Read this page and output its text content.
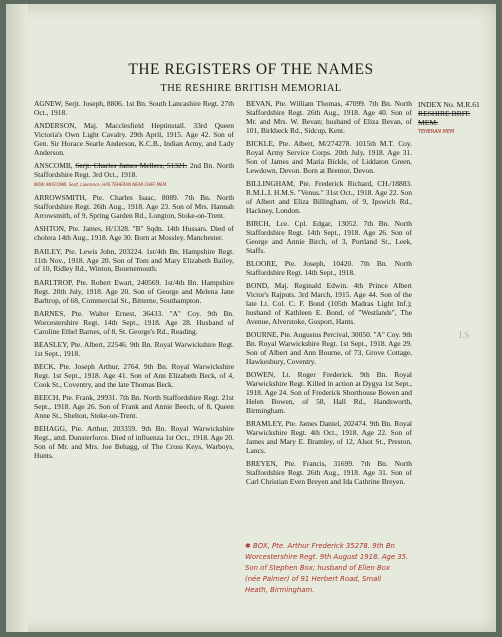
THE REGISTERS OF THE NAMES
THE RESHIRE BRITISH MEMORIAL
INDEX No. M.R.61
RESHIRE BRIT.
MEM.
TEHERAN MEM

AGNEW, Serjt. Joseph, 8806. 1st Bn. South Lancashire Regt. 27th Oct., 1918.

ANDERSON, Maj. Macclesfield Heptinstall. 33rd Queen Victoria's Own Light Cavalry. 29th April, 1915. Age 42. Son of Gen. Sir Horace Searle Anderson, K.C.B., Indian Army, and Lady Anderson.

ANSCOMB, Serjt. Charles James Mellers, 51321. 2nd Bn. North Staffordshire Regt. 3rd Oct., 1918.
NOW ANSCOMB, Serjt. Lawrence, HAS TEHERAN NEAR CHEF MEM.

ARROWSMITH, Pte. Charles Isaac, 8089. 7th Bn. North Staffordshire Regt. 26th Aug., 1918. Age 23. Son of Mrs. Hannah Arrowsmith, of 9, Spring Garden Rd., Longton, Stoke-on-Trent.

ASHTON, Pte. James, H/1328. "B" Sqdn. 14th Hussars. Died of cholera 14th Aug., 1918. Age 30. Born at Mossley, Manchester.

BAILEY, Pte. Lewis John, 203224. 1st/4th Bn. Hampshire Regt. 11th Nov., 1918. Age 20. Son of Tom and Mary Elizabeth Bailey, of 10, Ridley Rd., Winton, Bournemouth.

BARLTROP, Pte. Robert Ewart, 240569. 1st/4th Bn. Hampshire Regt. 20th July, 1918. Age 20. Son of George and Melena Jane Barltrop, of 68, Commercial St., Bitterne, Southampton.

BARNES, Pte. Walter Ernest, 36433. "A" Coy. 9th Bn. Worcestershire Regt. 14th Sept., 1918. Age 28. Husband of Caroline Ethel Barnes, of 8, St. George's Rd., Reading.

BEASLEY, Pte. Albert, 22546. 9th Bn. Royal Warwickshire Regt. 1st Sept., 1918.

BECK, Pte. Joseph Arthur, 2764. 9th Bn. Royal Warwickshire Regt. 1st Sept., 1918. Age 41. Son of Ann Elizabeth Beck, of 4, Cook St., Coventry, and the late Thomas Beck.

BEECH, Pte. Frank, 29931. 7th Bn. North Staffordshire Regt. 21st Sept., 1918. Age 26. Son of Frank and Annie Beech, of 8, Queen Anne St., Shelton, Stoke-on-Trent.

BEHAGG, Pte. Arthur, 203359. 9th Bn. Royal Warwickshire Regt., attd. Dunsterforce. Died of influenza 1st Oct., 1918. Age 20. Son of Mr. and Mrs. Joe Behagg, of The Cross Keys, Warboys, Hunts.

BEVAN, Pte. William Thomas, 47099. 7th Bn. North Staffordshire Regt. 26th Aug., 1918. Age 40. Son of Mr. and Mrs. W. Bevan; husband of Eliza Bevan, of 101, Birkbeck Rd., Sidcup, Kent.

BICKLE, Pte. Albert, M/274278. 1015th M.T. Coy. Royal Army Service Corps. 20th July, 1918. Age 31. Son of James and Maria Bickle, of Liddaton Green, Lewdown, Devon. Born at Brentor, Devon.

BILLINGHAM, Pte. Frederick Richard, CH./18883. R.M.L.I. H.M.S. "Venus." 31st Oct., 1918. Age 22. Son of Albert and Eliza Billingham, of 9, Ipswich Rd., Hackney, London.

BIRCH, Lce. Cpl. Edgar, 13052. 7th Bn. North Staffordshire Regt. 14th Sept., 1918. Age 26. Son of George and Annie Birch, of 3, Portland St., Leek, Staffs.

BLOORE, Pte. Joseph, 10420. 7th Bn. North Staffordshire Regt. 14th Sept., 1918.

BOND, Maj. Reginald Edwin. 4th Prince Albert Victor's Rajputs. 3rd March, 1915. Age 44. Son of the late Lt. Col. C. F. Bond (105th Madras Light Inf.); husband of Kathleen E. Bond, of "Westlands", The Avenue, Alverstoke, Gosport, Hants.

BOURNE, Pte. Augustus Percival, 30050. "A" Coy. 9th Bn. Royal Warwickshire Regt. 1st Sept., 1918. Age 29. Son of Albert and Ann Bourne, of 73, Grove Cottage, Hawkesbury, Coventry.

BOWEN, Lt. Roger Frederick. 9th Bn. Royal Warwickshire Regt. Killed in action at Dygya 1st Sept., 1918. Age 24. Son of Frederick Shorthouse Bowen and Helen Bowen, of 58, Hall Rd., Handsworth, Birmingham.

BRAMLEY, Pte. James Daniel, 202474. 9th Bn. Royal Warwickshire Regt. 4th Oct., 1918. Age 22. Son of James and Mary E. Bramley, of 12, Alsot St., Preston, Lancs.

BREYEN, Pte. Francis, 31699. 7th Bn. North Staffordshire Regt. 26th Aug., 1918. Age 31. Son of Carl Christian Even Breyen and Ida Cathrine Breyen.

I.S
✱ BOX, Pte. Arthur Frederick 35278. 9th Bn
Worcestershire Regt. 9th August 1918. Age 35.
Son of Stephen Box; husband of Ellen Box
(née Palmer) of 91 Herbert Road, Small
Heath, Birmingham.
